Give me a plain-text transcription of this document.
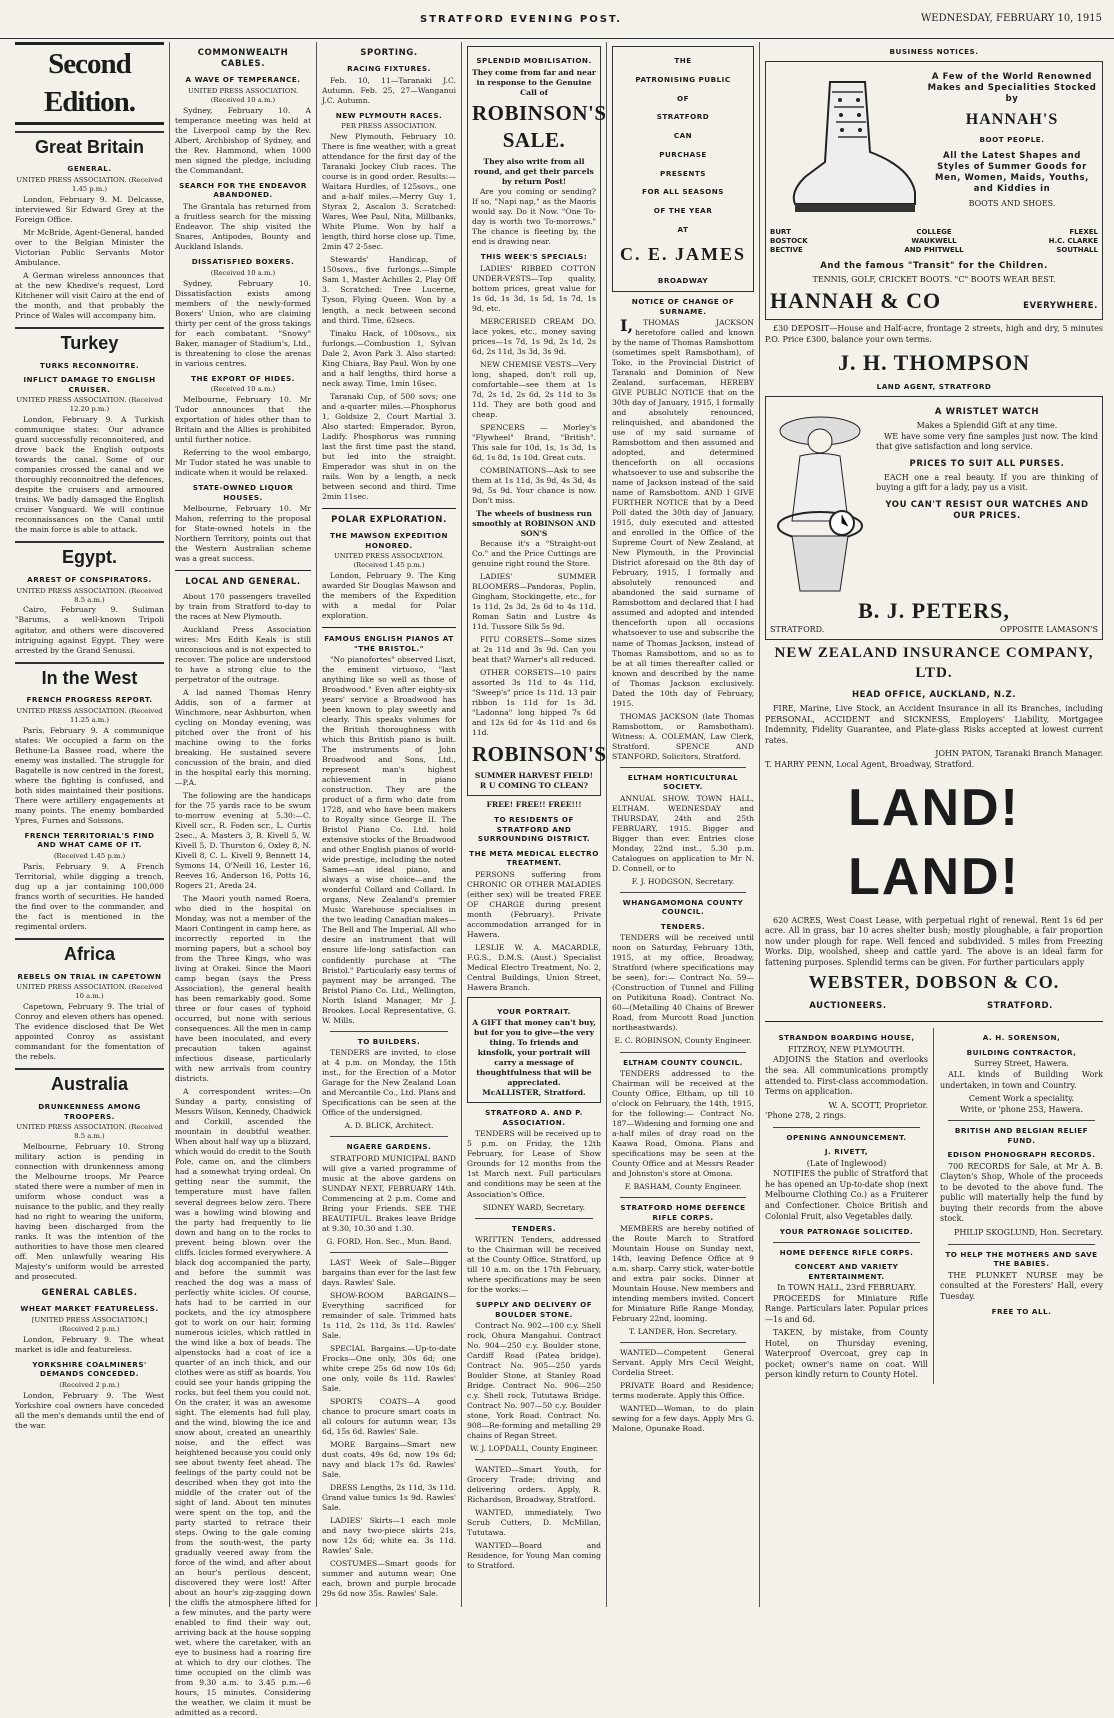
STRATFORD EVENING POST.	WEDNESDAY, FEBRUARY 10, 1915
Second Edition.
Great Britain
GENERAL.
UNITED PRESS ASSOCIATION. (Received 1.45 p.m.)

London, February 9. M. Delcasse, interviewed Sir Edward Grey at the Foreign Office.

Mr McBride, Agent-General, handed over to the Belgian Minister the Victorian Public Servants Motor Ambulance.

A German wireless announces that at the new Khedive's request, Lord Kitchener will visit Cairo at the end of the month, and that probably the Prince of Wales will accompany him.

Turkey
TURKS RECONNOITRE.
INFLICT DAMAGE TO ENGLISH CRUISER.
UNITED PRESS ASSOCIATION. (Received 12.20 p.m.)

London, February 9. A Turkish communique states: Our advance guard successfully reconnoitered, and drove back the English outposts towards the canal. Some of our companies crossed the canal and we thoroughly reconnoitred the defences, despite the cruisers and armoured trains. We badly damaged the English cruiser Vanguard. We will continue reconnaissances on the Canal until the main force is able to attack.

Egypt.
ARREST OF CONSPIRATORS.
UNITED PRESS ASSOCIATION. (Received 8.5 a.m.)

Cairo, February 9. Suliman "Barums, a well-known Tripoli agitator, and others were discovered intriguing against Egypt. They were arrested by the Grand Senussi.

In the West
FRENCH PROGRESS REPORT.
UNITED PRESS ASSOCIATION. (Received 11.25 a.m.)

Paris, February 9. A communique states: We occupied a farm on the Bethune-La Bassee road, where the enemy was installed. The struggle for Bagatelle is now centred in the forest, where the fighting is confused, and both sides maintained their positions. There were artillery engagements at many points. The enemy bombarded Ypres, Furnes and Soissons.

FRENCH TERRITORIAL'S FIND AND WHAT CAME OF IT.
(Received 1.45 p.m.)

Paris, February 9. A French Territorial, while digging a trench, dug up a jar containing 100,000 francs worth of securities. He handed the find over to the commander, and the fact is mentioned in the regimental orders.

Africa
REBELS ON TRIAL IN CAPETOWN
UNITED PRESS ASSOCIATION. (Received 10 a.m.)

Capetown, February 9. The trial of Conroy and eleven others has opened. The evidence disclosed that De Wet appointed Conroy as assistant commandant for the fomentation of the rebels.

Australia
DRUNKENNESS AMONG TROOPERS.
UNITED PRESS ASSOCIATION. (Received 8.5 a.m.)

Melbourne, February 10. Strong military action is pending in connection with drunkenness among the Melbourne troops. Mr Pearce stated there were a number of men in uniform whose conduct was a nuisance to the public, and they really had no right to wearing the uniform, having been discharged from the ranks. It was the intention of the authorities to have those men cleared off. Men unlawfully wearing His Majesty's uniform would be arrested and prosecuted.

GENERAL CABLES.
WHEAT MARKET FEATURELESS.
[UNITED PRESS ASSOCIATION.] (Received 2 p.m.)

London, February 9. The wheat market is idle and featureless.

YORKSHIRE COALMINERS' DEMANDS CONCEDED.
(Received 2 p.m.)

London, February 9. The West Yorkshire coal owners have conceded all the men's demands until the end of the war.

COMMONWEALTH CABLES.
A WAVE OF TEMPERANCE.
UNITED PRESS ASSOCIATION. (Received 10 a.m.)

Sydney, February 10. A temperance meeting was held at the Liverpool camp by the Rev. Albert, Archbishop of Sydney, and the Rev. Hammond, when 1000 men signed the pledge, including the Commandant.

SEARCH FOR THE ENDEAVOR ABANDONED.

The Grantala has returned from a fruitless search for the missing Endeavor. The ship visited the Snares, Antipodes, Bounty and Auckland Islands.

DISSATISFIED BOXERS.
(Received 10 a.m.)

Sydney, February 10. Dissatisfaction exists among members of the newly-formed Boxers' Union, who are claiming thirty per cent of the gross takings for each combatant. "Snowy" Baker, manager of Stadium's, Ltd., is threatening to close the arenas in various centres.

THE EXPORT OF HIDES.
(Received 10 a.m.)

Melbourne, February 10. Mr Tudor announces that the exportation of hides other than to Britain and the Allies is prohibited until further notice.

Referring to the wool embargo, Mr Tudor stated he was unable to indicate when it would be relaxed.

STATE-OWNED LIQUOR HOUSES.

Melbourne, February 10. Mr Mahon, referring to the proposal for State-owned hotels in the Northern Territory, points out that the Western Australian scheme was a great success.

LOCAL AND GENERAL.

About 170 passengers travelled by train from Stratford to-day to the races at New Plymouth.

Auckland Press Association wires: Mrs Edith Keals is still unconscious and is not expected to recover. The police are understood to have a strong clue to the perpetrator of the outrage.

A lad named Thomas Henry Addis, son of a farmer at Winchmore, near Ashburton, when cycling on Monday evening, was pitched over the front of his machine owing to the forks breaking. He sustained severe concussion of the brain, and died in the hospital early this morning.—P.A.

The following are the handicaps for the 75 yards race to be swum to-morrow evening at 5.30:—C. Kivell scr., R. Foden scr., L. Curtis 2sec., A. Masters 3, B. Kivell 5, W. Kivell 5, D. Thurston 6, Oxley 8, N. Kivell 8, C. L. Kivell 9, Bennett 14, Symons 14, O'Neill 16, Lester 16, Reeves 16, Anderson 16, Potts 16, Rogers 21, Areda 24.

The Maori youth named Roera, who died in the hospital on Monday, was not a member of the Maori Contingent in camp here, as incorrectly reported in the morning papers, but a school boy from the Three Kings, who was living at Orakei. Since the Maori camp began (says the Press Association), the general health has been remarkably good. Some three or four cases of typhoid occurred, but none with serious consequences. All the men in camp have been inoculated, and every precaution taken against infectious disease, particularly with new arrivals from country districts.

A correspondent writes:—On Sunday a party, consisting of Messrs Wilson, Kennedy, Chadwick and Corkill, ascended the mountain in doubtful weather. When about half way up a blizzard, which would do credit to the South Pole, came on, and the climbers had a somewhat trying ordeal. On getting near the summit, the temperature must have fallen several degrees below zero. There was a howling wind blowing and the party had frequently to lie down and hang on to the rocks to prevent being blown over the cliffs. Icicles formed everywhere. A black dog accompanied the party, and before the summit was reached the dog was a mass of perfectly white icicles. Of course, hats had to be carried in our pockets, and the icy atmosphere got to work on our hair, forming numerous icicles, which rattled in the wind like a box of beads. The alpenstocks had a coat of ice a quarter of an inch thick, and our clothes were as stiff as boards. You could see your hands gripping the rocks, but feel them you could not. On the crater, it was an awesome sight. The elements had full play, and the wind, blowing the ice and snow about, created an unearthly noise, and the effect was heightened because you could only see about twenty feet ahead. The feelings of the party could not be described when they got into the middle of the crater out of the sight of land. About ten minutes were spent on the top, and the party started to retrace their steps. Owing to the gale coming from the south-west, the party gradually veered away from the force of the wind, and after about an hour's perilous descent, discovered they were lost! After about an hour's zig-zagging down the cliffs the atmosphere lifted for a few minutes, and the party were enabled to find their way out, arriving back at the house sopping wet, where the caretaker, with an eye to business had a roaring fire at which to dry our clothes. The time occupied on the climb was from 9.30 a.m. to 3.45 p.m.—6 hours, 15 minutes. Considering the weather, we claim it must be admitted as a record.

SPORTING.
RACING FIXTURES.

Feb. 10, 11—Taranaki J.C. Autumn. Feb. 25, 27—Wanganui J.C. Autumn.

NEW PLYMOUTH RACES.
PER PRESS ASSOCIATION.

New Plymouth, February 10. There is fine weather, with a great attendance for the first day of the Taranaki Jockey Club races. The course is in good order. Results:—Waitara Hurdles, of 125sovs., one and a-half miles.—Merry Guy 1, Styrax 2, Ascalon 3. Scratched: Wares, Wee Paul, Nita, Millbanks, White Plume. Won by half a length, third horse close up. Time, 2min 47 2-5sec.

Stewards' Handicap, of 150sovs., five furlongs.—Simple Sam 1, Master Achilles 2, Play Off 3. Scratched: Tree Lucerne, Tyson, Flying Queen. Won by a length, a neck between second and third. Time, 62secs.

Tinaku Hack, of 100sovs., six furlongs.—Combustion 1, Sylvan Dale 2, Avon Park 3. Also started: King Chiara, Bay Paul. Won by one and a half lengths, third horse a neck away. Time, 1min 16sec.

Taranaki Cup, of 500 sovs; one and a-quarter miles.—Phosphorus 1, Goldsize 2, Court Martial 3. Also started: Emperador, Byron, Ladify. Phosphorus was running last the first time past the stand, but led into the straight. Emperador was shut in on the rails. Won by a length, a neck between second and third. Time 2min 11sec.

POLAR EXPLORATION.
THE MAWSON EXPEDITION HONORED.
UNITED PRESS ASSOCIATION. (Received 1.45 p.m.)

London, February 9. The King awarded Sir Douglas Mawson and the members of the Expedition with a medal for Polar exploration.

FAMOUS ENGLISH PIANOS AT "THE BRISTOL."

"No pianofortes" observed Liszt, the eminent virtuoso, "last anything like so well as those of Broadwood." Even after eighty-six years' service a Broadwood has been known to play sweetly and clearly. This speaks volumes for the British thoroughness with which this British piano is built. The instruments of John Broadwood and Sons, Ltd., represent man's highest achievement in piano construction. They are the product of a firm who date from 1728, and who have been makers to Royalty since George II. The Bristol Piano Co. Ltd. hold extensive stocks of the Broadwood and other English pianos of world-wide prestige, including the noted Sames—an ideal piano, and always a wise choice—and the wonderful Collard and Collard. In organs, New Zealand's premier Music Warehouse specialises in the two leading Canadian makes—The Bell and The Imperial. All who desire an instrument that will ensure life-long satisfaction can confidently purchase at "The Bristol." Particularly easy terms of payment may be arranged. The Bristol Piano Co. Ltd., Wellington, North Island Manager, Mr J. Brookes. Local Representative, G. W. Mills.

TO BUILDERS.

TENDERS are invited, to close at 4 p.m. on Monday, the 15th inst., for the Erection of a Motor Garage for the New Zealand Loan and Mercantile Co., Ltd. Plans and Specifications can be seen at the Office of the undersigned.

A. D. BLICK, Architect.
NGAERE GARDENS.

STRATFORD MUNICIPAL BAND will give a varied programme of music at the above gardens on SUNDAY NEXT, FEBRUARY 14th. Commencing at 2 p.m. Come and Bring your Friends. SEE THE BEAUTIFUL. Brakes leave Bridge at 9.30, 10.30 and 1.30.

G. FORD, Hon. Sec., Mun. Band.

LAST Week of Sale—Bigger bargains than ever for the last few days. Rawles' Sale.

SHOW-ROOM BARGAINS—Everything sacrificed for remainder of sale. Trimmed hats 1s 11d, 2s 11d, 3s 11d. Rawles' Sale.

SPECIAL Bargains.—Up-to-date Frocks—One only, 30s 6d; one white crepe 25s 6d now 10s 6d; one only, voile 8s 11d. Rawles' Sale.

SPORTS COATS—A good chance to procure smart coats in all colours for autumn wear, 13s 6d, 15s 6d. Rawles' Sale.

MORE Bargains—Smart new dust coats, 49s 6d, now 19s 6d; navy and black 17s 6d. Rawles' Sale.

DRESS Lengths, 2s 11d, 3s 11d. Grand value tunics 1s 9d. Rawles' Sale.

LADIES' Skirts—1 each mole and navy two-piece skirts 21s, now 12s 6d; white ea. 3s 11d. Rawles' Sale.

COSTUMES—Smart goods for summer and autumn wear; One each, brown and purple brocade 29s 6d now 35s. Rawles' Sale.

SPLENDID MOBILISATION.
They come from far and near in response to the Genuine Call of
ROBINSON'S SALE.
They also write from all round, and get their parcels by return Post!

Are you coming or sending? If so, "Napi nap," as the Maoris would say. Do it Now. "One To-day is worth two To-morrows." The chance is fleeting by, the end is drawing near.

THIS WEEK'S SPECIALS:

LADIES' RIBBED COTTON UNDER-VESTS—Top quality, bottom prices, great value for 1s 6d, 1s 3d, 1s 5d, 1s 7d, 1s 9d, etc.

MERCERISED CREAM DO. lace yokes, etc., money saving prices—1s 7d, 1s 9d, 2s 1d, 2s 6d, 2s 11d, 3s 3d, 3s 9d.

NEW CHEMISE VESTS—Very long, shaped, don't roll up, comfortable—see them at 1s 7d, 2s 1d, 2s 6d, 2s 11d to 3s 11d. They are both good and cheap.

SPENCERS — Morley's "Flywheel" Brand, "British". This sale for 10d, 1s, 1s 3d, 1s 6d, 1s 8d, 1s 10d. Great cuts.

COMBINATIONS—Ask to see them at 1s 11d, 3s 9d, 4s 3d, 4s 9d, 5s 9d. Your chance is now. Don't miss.

The wheels of business run smoothly at ROBINSON AND SON'S

Because it's a "Straight-out Co." and the Price Cuttings are genuine right round the Store.

LADIES' SUMMER BLOOMERS—Pandoras, Poplin, Gingham, Stockingette, etc., for 1s 11d, 2s 3d, 2s 6d to 4s 11d. Roman Satin and Lustre 4s 11d. Tussore Silk 5s 9d.

FITU CORSETS—Some sizes at 2s 11d and 3s 9d. Can you beat that? Warner's all reduced.

OTHER CORSETS—10 pairs assorted 3s 11d to 4s 11d, "Sweep's" price 1s 11d. 13 pair ribbon 1s 11d for 1s 3d. "Ladonna" long hipped 7s 6d and 12s 6d for 4s 11d and 6s 11d.

ROBINSON'S
SUMMER HARVEST FIELD! R U COMING TO CLEAN?
FREE! FREE!! FREE!!!
TO RESIDENTS OF STRATFORD AND SURROUNDING DISTRICT.
THE META MEDICAL ELECTRO TREATMENT.

PERSONS suffering from CHRONIC OR OTHER MALADIES (either sex) will be treated FREE OF CHARGE during present month (February). Private accommodation arranged for in Hawera.

LESLIE W. A. MACARDLE, F.G.S., D.M.S. (Aust.) Specialist Medical Electro Treatment, No. 2, Central Buildings, Union Street, Hawera Branch.

YOUR PORTRAIT.
A GIFT that money can't buy, but for you to give—the very thing. To friends and kinsfolk, your portrait will carry a message of thoughtfulness that will be appreciated.
McALLISTER, Stratford.
STRATFORD A. AND P. ASSOCIATION.

TENDERS will be received up to 5 p.m. on Friday, the 12th February, for Lease of Show Grounds for 12 months from the 1st March next. Full particulars and conditions may be seen at the Association's Office.

SIDNEY WARD, Secretary.
TENDERS.

WRITTEN Tenders, addressed to the Chairman will be received at the County Office, Stratford, up till 10 a.m. on the 17th February, where specifications may be seen for the works:—

SUPPLY AND DELIVERY OF BOULDER STONE.

Contract No. 902—100 c.y. Shell rock, Ohura Mangahui. Contract No. 904—250 c.y. Boulder stone, Cardiff Road (Patea bridge). Contract No. 905—250 yards Boulder Stone, at Stanley Road Bridge. Contract No. 906—250 c.y. Shell rock, Tututawa Bridge. Contract No. 907—50 c.y. Boulder stone, York Road. Contract No. 908—Re-forming and metalling 29 chains of Regan Street.

W. J. LOPDALL, County Engineer.

WANTED—Smart Youth, for Grocery Trade; driving and delivering orders. Apply, R. Richardson, Broadway, Stratford.

WANTED, immediately, Two Scrub Cutters, D. McMillan, Tututawa.

WANTED—Board and Residence, for Young Man coming to Stratford.

THE
PATRONISING PUBLIC
OF
STRATFORD
CAN
PURCHASE
PRESENTS
FOR ALL SEASONS
OF THE YEAR
AT
C. E. JAMES
BROADWAY
NOTICE OF CHANGE OF SURNAME.

I,THOMAS JACKSON heretofore called and known by the name of Thomas Ramsbottom (sometimes spelt Ramsbotham), of Toko, in the Provincial District of Taranaki and Dominion of New Zealand, surfaceman, HEREBY GIVE PUBLIC NOTICE that on the 30th day of January, 1915, I formally and absolutely renounced, relinquished, and abandoned the use of my said surname of Ramsbottom and then assumed and adopted, and determined thenceforth on all occasions whatsoever to use and subscribe the name of Jackson instead of the said name of Ramsbottom. AND I GIVE FURTHER NOTICE that by a Deed Poll dated the 30th day of January, 1915, duly executed and attested and enrolled in the Office of the Supreme Court of New Zealand, at New Plymouth, in the Provincial District aforesaid on the 8th day of February, 1915, I formally and absolutely renounced and abandoned the said surname of Ramsbottom and declared that I had assumed and adopted and intended thenceforth upon all occasions whatsoever to use and subscribe the name of Thomas Jackson, instead of Thomas Ramsbottom, and so as to be at all times thereafter called or known and described by the name of Thomas Jackson exclusively. Dated the 10th day of February, 1915.

THOMAS JACKSON (late Thomas Ramsbottom, or Ramsbotham). Witness: A. COLEMAN, Law Clerk, Stratford. SPENCE AND STANFORD, Solicitors, Stratford.

ELTHAM HORTICULTURAL SOCIETY.

ANNUAL SHOW. TOWN HALL, ELTHAM. WEDNESDAY and THURSDAY, 24th and 25th FEBRUARY, 1915. Bigger and Bigger than ever. Entries close Monday, 22nd inst., 5.30 p.m. Catalogues on application to Mr N. D. Connell, or to

F. J. HODGSON, Secretary.
WHANGAMOMONA COUNTY COUNCIL.
TENDERS.

TENDERS will be received until noon on Saturday, February 13th, 1915, at my office, Broadway, Stratford (where specifications may be seen), for:— Contract No. 59—(Construction of Tunnel and Filling on Putikituna Road). Contract No. 60—(Metalling 40 Chains of Brewer Road, from Murcott Road Junction northeastwards).

E. C. ROBINSON, County Engineer.
ELTHAM COUNTY COUNCIL.

TENDERS addressed to the Chairman will be received at the County Office, Eltham, up till 10 o'clock on February, the 14th, 1915, for the following:— Contract No. 187—Widening and forming one and a-half miles of dray road on the Kaawa Road, Omona. Plans and specifications may be seen at the County Office and at Messrs Reader and Johnston's store at Omona.

F. BASHAM, County Engineer.
STRATFORD HOME DEFENCE RIFLE CORPS.

MEMBERS are hereby notified of the Route March to Stratford Mountain House on Sunday next, 14th, leaving Defence Office at 9 a.m. sharp. Carry stick, water-bottle and extra pair socks. Dinner at Mountain House. New members and intending members invited. Concert for Miniature Rifle Range Monday, February 22nd, looming.

T. LANDER, Hon. Secretary.

WANTED—Competent General Servant. Apply Mrs Cecil Weight, Cordelia Street.

PRIVATE Board and Residence; terms moderate. Apply this Office.

WANTED—Woman, to do plain sewing for a few days. Apply Mrs G. Malone, Opunake Road.

BUSINESS NOTICES.
A Few of the World Renowned Makes and Specialities Stocked by
HANNAH'S
BOOT PEOPLE.
All the Latest Shapes and Styles of Summer Goods for Men, Women, Maids, Youths, and Kiddies in
BOOTS AND SHOES.
BURT
BOSTOCK
BECTIVE
COLLEGE
WAUKWELL
AND PHITWELL
FLEXEL
H.C. CLARKE
SOUTHALL
And the famous "Transit" for the Children.
TENNIS, GOLF, CRICKET BOOTS. "C" BOOTS WEAR BEST.
HANNAH & CO	EVERYWHERE.

£30 DEPOSIT—House and Half-acre, frontage 2 streets, high and dry, 5 minutes P.O. Price £300, balance your own terms.

J. H. THOMPSON
LAND AGENT, STRATFORD
A WRISTLET WATCH
Makes a Splendid Gift at any time.

WE have some very fine samples just now. The kind that give satisfaction and long service.

PRICES TO SUIT ALL PURSES.

EACH one a real beauty. If you are thinking of buying a gift for a lady, pay us a visit.

YOU CAN'T RESIST OUR WATCHES AND OUR PRICES.
B. J. PETERS,
STRATFORD.	OPPOSITE LAMASON'S
NEW ZEALAND INSURANCE COMPANY, LTD.
HEAD OFFICE, AUCKLAND, N.Z.

FIRE, Marine, Live Stock, an Accident Insurance in all its Branches, including PERSONAL, ACCIDENT and SICKNESS, Employers' Liability, Mortgagee Indemnity, Fidelity Guarantee, and Plate-glass Risks accepted at lowest current rates.

JOHN PATON, Taranaki Branch Manager.
T. HARRY PENN, Local Agent, Broadway, Stratford.
LAND! LAND!

620 ACRES, West Coast Lease, with perpetual right of renewal. Rent 1s 6d per acre. All in grass, bar 10 acres shelter bush; mostly ploughable, a fair proportion now under plough for rape. Well fenced and subdivided. 5 miles from Freezing Works. Dip, woolshed, sheep and cattle yard. The above is an ideal farm for fattening purposes. Splendid terms can be given. For further particulars apply

WEBSTER, DOBSON & CO.
AUCTIONEERS.	STRATFORD.
STRANDON BOARDING HOUSE,
FITZROY, NEW PLYMOUTH.

ADJOINS the Station and overlooks the sea. All communications promptly attended to. First-class accommodation. Terms on application.

W. A. SCOTT, Proprietor.
'Phone 278, 2 rings.
OPENING ANNOUNCEMENT.
J. RIVETT,
(Late of Inglewood)

NOTIFIES the public of Stratford that he has opened an Up-to-date shop (next Melbourne Clothing Co.) as a Fruiterer and Confectioner. Choice British and Colonial Fruit, also Vegetables daily.

YOUR PATRONAGE SOLICITED.
HOME DEFENCE RIFLE CORPS.
CONCERT AND VARIETY ENTERTAINMENT.
In TOWN HALL, 23rd FEBRUARY.

PROCEEDS for Miniature Rifle Range. Particulars later. Popular prices—1s and 6d.

TAKEN, by mistake, from County Hotel, on Thursday evening, Waterproof Overcoat, grey cap in pocket; owner's name on coat. Will person kindly return to County Hotel.

A. H. SORENSON,
BUILDING CONTRACTOR,
Surrey Street, Hawera.

ALL kinds of Building Work undertaken, in town and Country.

Cement Work a speciality.
Write, or 'phone 253, Hawera.
BRITISH AND BELGIAN RELIEF FUND.
EDISON PHONOGRAPH RECORDS.

700 RECORDS for Sale, at Mr A. B. Clayton's Shop, Whole of the proceeds to be devoted to the above fund. The public will materially help the fund by buying their records from the above stock.

PHILIP SKOGLUND, Hon. Secretary.
TO HELP THE MOTHERS AND SAVE THE BABIES.

THE PLUNKET NURSE may be consulted at the Foresters' Hall, every Tuesday.

FREE TO ALL.
